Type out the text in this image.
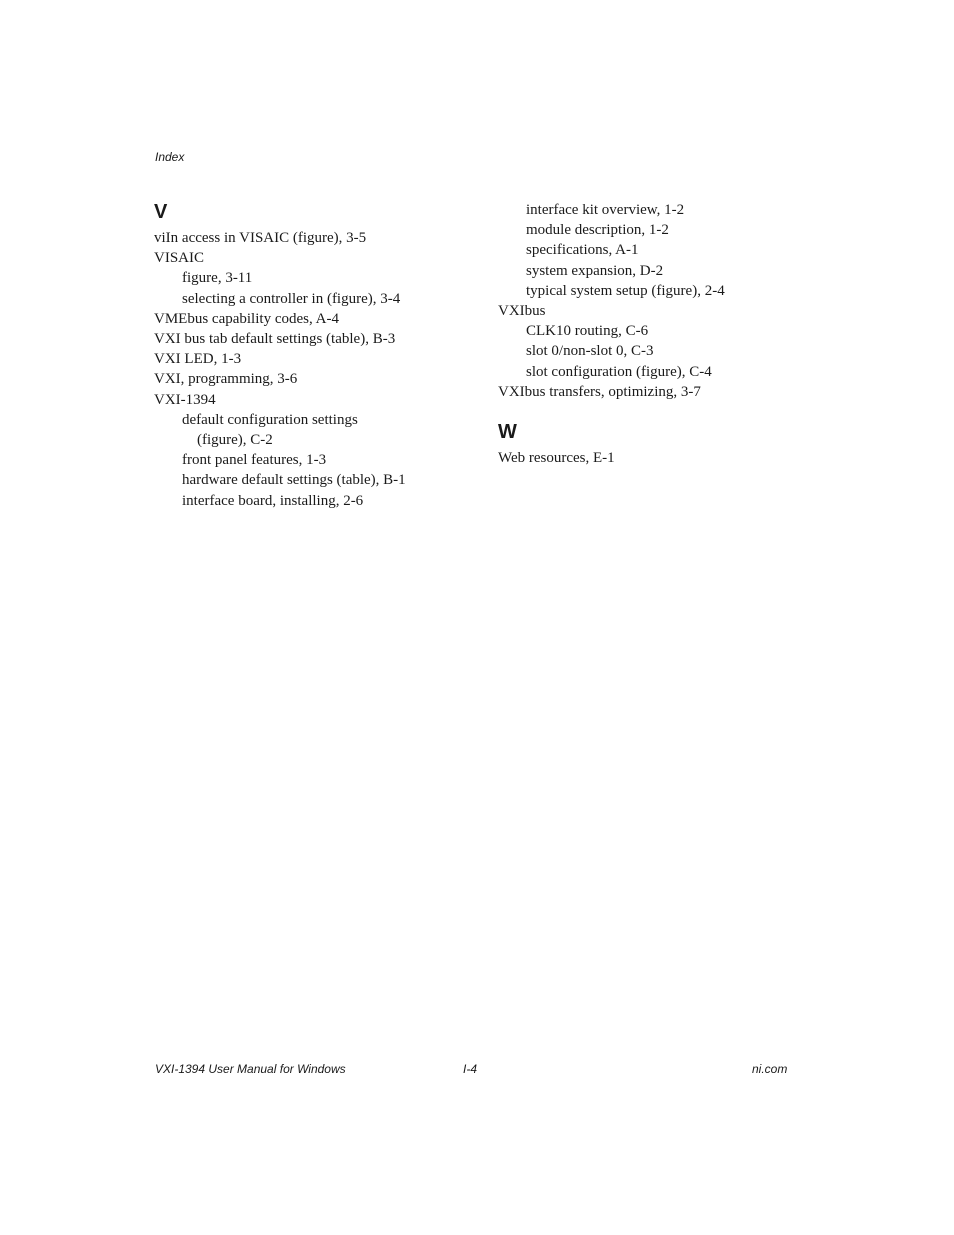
Index
V
viIn access in VISAIC (figure), 3-5
VISAIC
figure, 3-11
selecting a controller in (figure), 3-4
VMEbus capability codes, A-4
VXI bus tab default settings (table), B-3
VXI LED, 1-3
VXI, programming, 3-6
VXI-1394
default configuration settings
(figure), C-2
front panel features, 1-3
hardware default settings (table), B-1
interface board, installing, 2-6
interface kit overview, 1-2
module description, 1-2
specifications, A-1
system expansion, D-2
typical system setup (figure), 2-4
VXIbus
CLK10 routing, C-6
slot 0/non-slot 0, C-3
slot configuration (figure), C-4
VXIbus transfers, optimizing, 3-7
W
Web resources, E-1
VXI-1394 User Manual for Windows	I-4	ni.com
